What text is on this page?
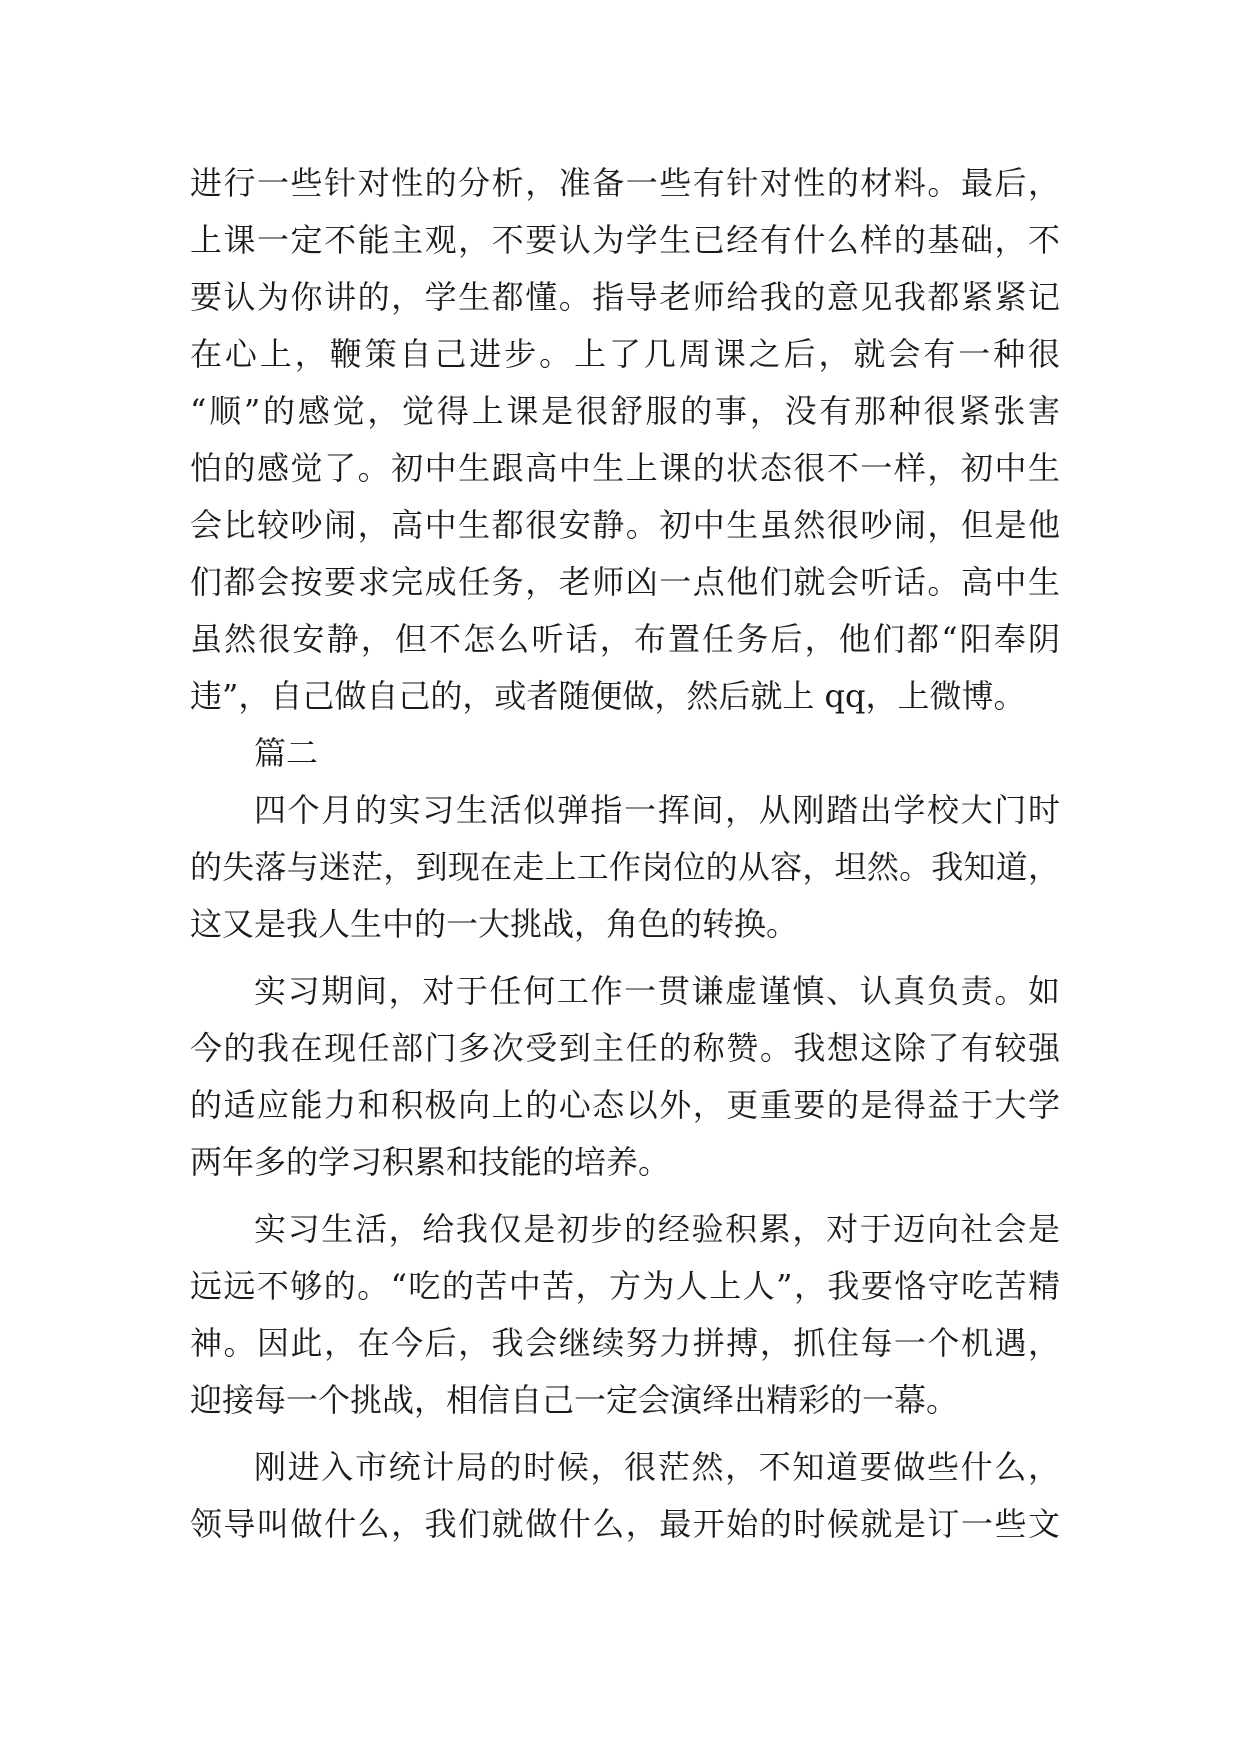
进行一些针对性的分析，准备一些有针对性的材料。最后，
上课一定不能主观，不要认为学生已经有什么样的基础，不
要认为你讲的，学生都懂。指导老师给我的意见我都紧紧记
在心上，鞭策自己进步。上了几周课之后，就会有一种很
“顺”的感觉，觉得上课是很舒服的事，没有那种很紧张害
怕的感觉了。初中生跟高中生上课的状态很不一样，初中生
会比较吵闹，高中生都很安静。初中生虽然很吵闹，但是他
们都会按要求完成任务，老师凶一点他们就会听话。高中生
虽然很安静，但不怎么听话，布置任务后，他们都“阳奉阴
违”，自己做自己的，或者随便做，然后就上 qq，上微博。
篇二
四个月的实习生活似弹指一挥间，从刚踏出学校大门时
的失落与迷茫，到现在走上工作岗位的从容，坦然。我知道，
这又是我人生中的一大挑战，角色的转换。
实习期间，对于任何工作一贯谦虚谨慎、认真负责。如
今的我在现任部门多次受到主任的称赞。我想这除了有较强
的适应能力和积极向上的心态以外，更重要的是得益于大学
两年多的学习积累和技能的培养。
实习生活，给我仅是初步的经验积累，对于迈向社会是
远远不够的。“吃的苦中苦，方为人上人”，我要恪守吃苦精
神。因此，在今后，我会继续努力拼搏，抓住每一个机遇，
迎接每一个挑战，相信自己一定会演绎出精彩的一幕。
刚进入市统计局的时候，很茫然，不知道要做些什么，
领导叫做什么，我们就做什么，最开始的时候就是订一些文
